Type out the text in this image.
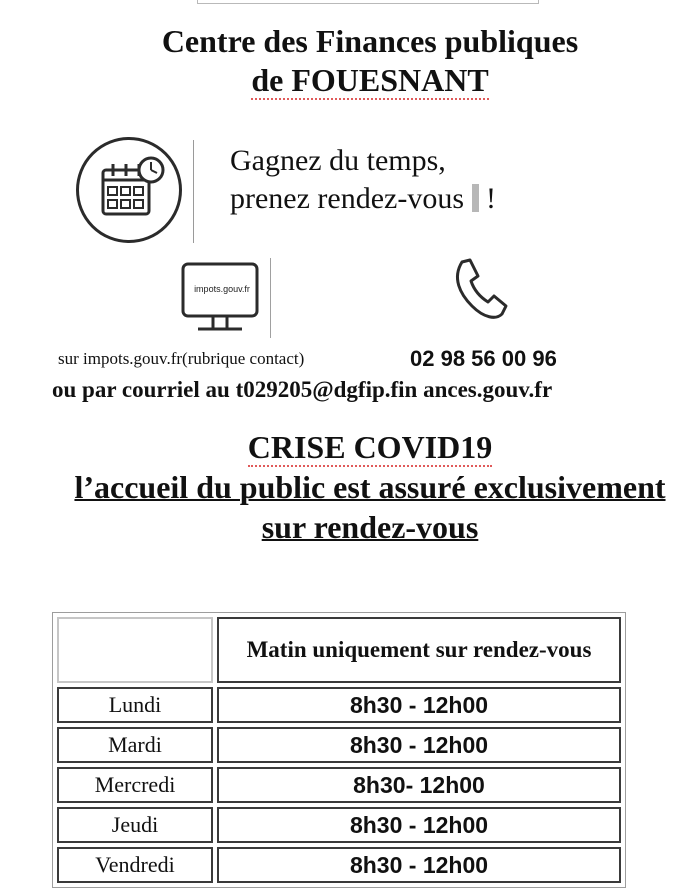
Centre des Finances publiques
de FOUESNANT
Gagnez du temps,
prenez rendez-vous !
impots.gouv.fr
sur impots.gouv.fr(rubrique contact)	02 98 56 00 96
ou par courriel au t029205@dgfip.fin ances.gouv.fr
CRISE COVID19
l’accueil du public est assuré exclusivement
sur rendez-vous
	Matin uniquement sur rendez-vous
Lundi	8h30 - 12h00
Mardi	8h30 - 12h00
Mercredi	8h30- 12h00
Jeudi	8h30 - 12h00
Vendredi	8h30 - 12h00
